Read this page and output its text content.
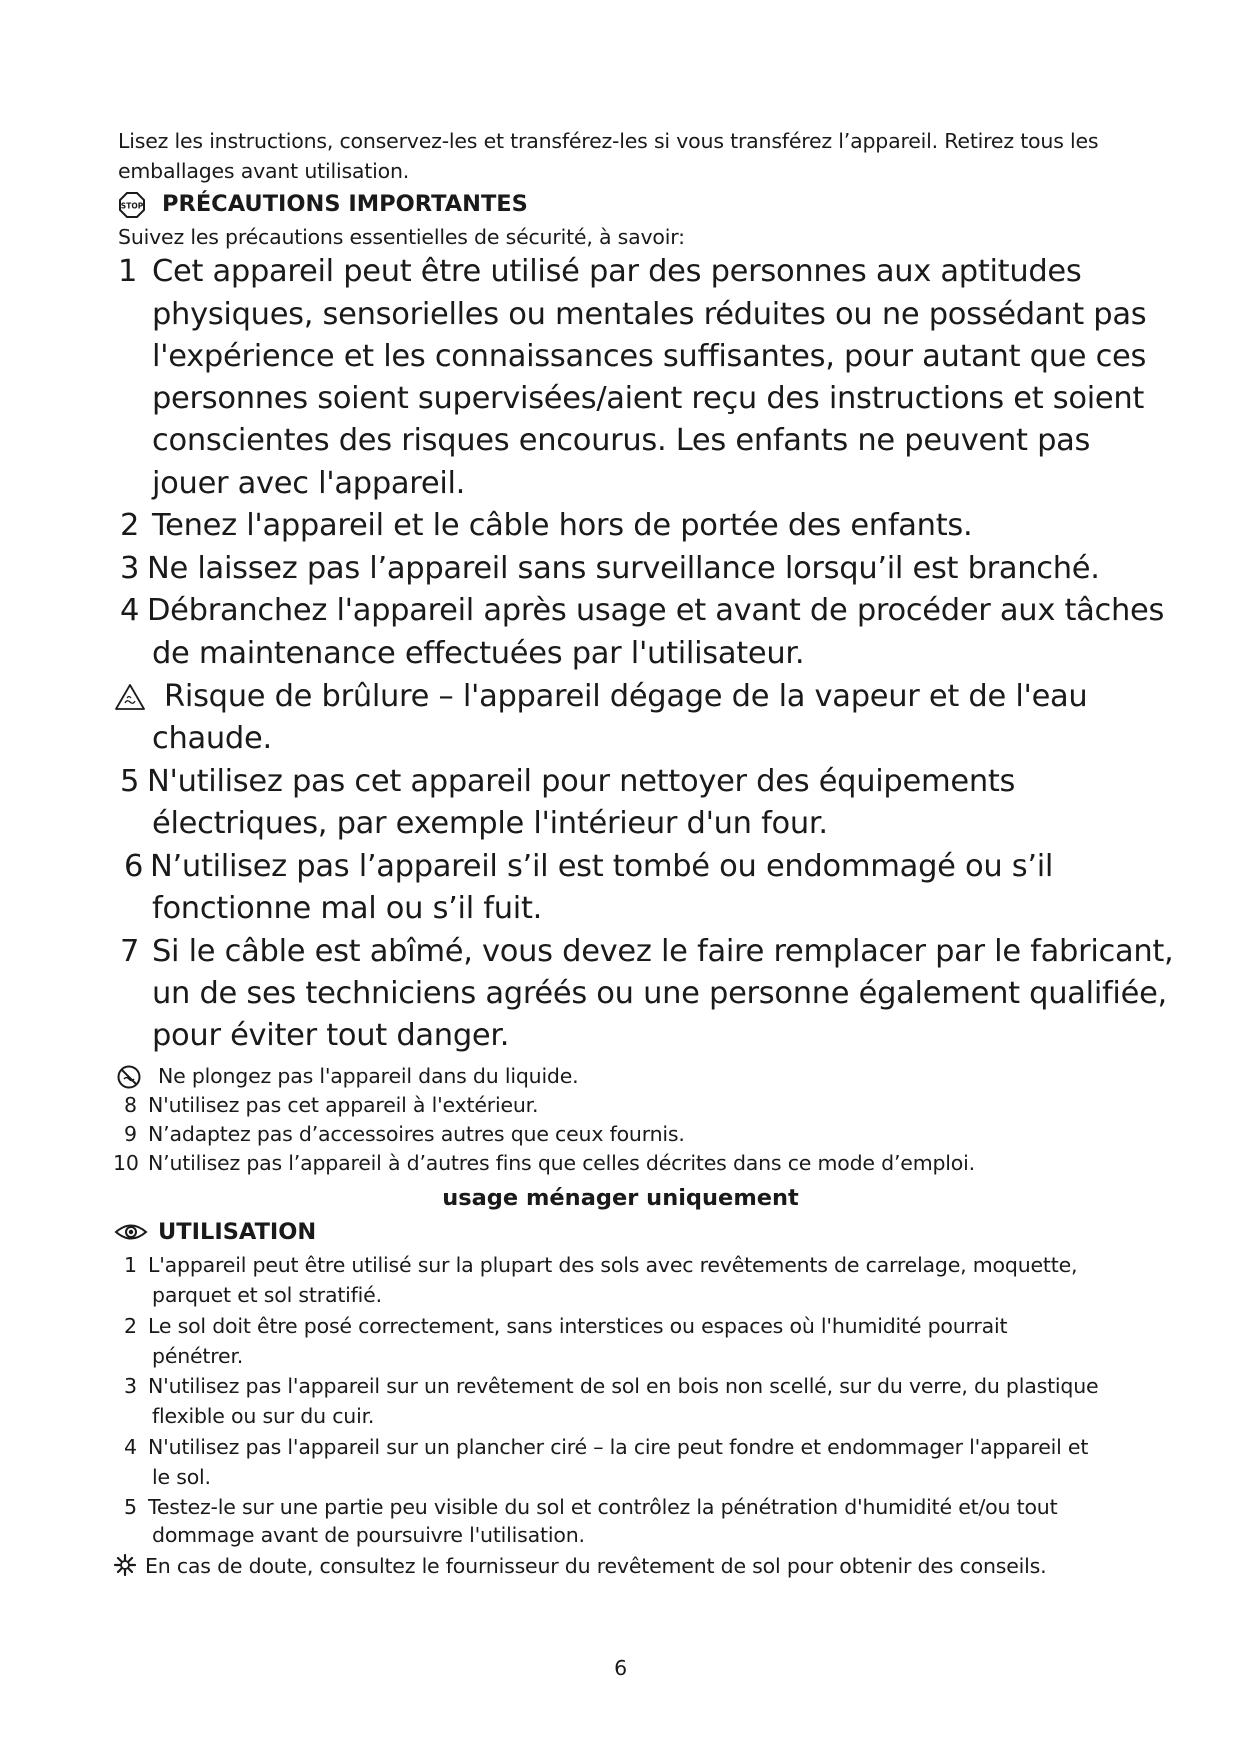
Lisez les instructions, conservez-les et transférez-les si vous transférez l’appareil. Retirez tous les
emballages avant utilisation.
STOP PRÉCAUTIONS IMPORTANTES
Suivez les précautions essentielles de sécurité, à savoir:
1 Cet appareil peut être utilisé par des personnes aux aptitudes
physiques, sensorielles ou mentales réduites ou ne possédant pas
l'expérience et les connaissances suffisantes, pour autant que ces
personnes soient supervisées/aient reçu des instructions et soient
conscientes des risques encourus. Les enfants ne peuvent pas
jouer avec l'appareil.
2 Tenez l'appareil et le câble hors de portée des enfants.
3 Ne laissez pas l’appareil sans surveillance lorsqu’il est branché.
4 Débranchez l'appareil après usage et avant de procéder aux tâches
de maintenance effectuées par l'utilisateur.
Risque de brûlure – l'appareil dégage de la vapeur et de l'eau
chaude.
5 N'utilisez pas cet appareil pour nettoyer des équipements
électriques, par exemple l'intérieur d'un four.
6 N’utilisez pas l’appareil s’il est tombé ou endommagé ou s’il
fonctionne mal ou s’il fuit.
7 Si le câble est abîmé, vous devez le faire remplacer par le fabricant,
un de ses techniciens agréés ou une personne également qualifiée,
pour éviter tout danger.
Ne plongez pas l'appareil dans du liquide.
8 N'utilisez pas cet appareil à l'extérieur.
9 N’adaptez pas d’accessoires autres que ceux fournis.
10 N’utilisez pas l’appareil à d’autres fins que celles décrites dans ce mode d’emploi.
usage ménager uniquement
UTILISATION
1 L'appareil peut être utilisé sur la plupart des sols avec revêtements de carrelage, moquette,
parquet et sol stratifié.
2 Le sol doit être posé correctement, sans interstices ou espaces où l'humidité pourrait
pénétrer.
3 N'utilisez pas l'appareil sur un revêtement de sol en bois non scellé, sur du verre, du plastique
flexible ou sur du cuir.
4 N'utilisez pas l'appareil sur un plancher ciré – la cire peut fondre et endommager l'appareil et
le sol.
5 Testez-le sur une partie peu visible du sol et contrôlez la pénétration d'humidité et/ou tout
dommage avant de poursuivre l'utilisation.
En cas de doute, consultez le fournisseur du revêtement de sol pour obtenir des conseils.
6
